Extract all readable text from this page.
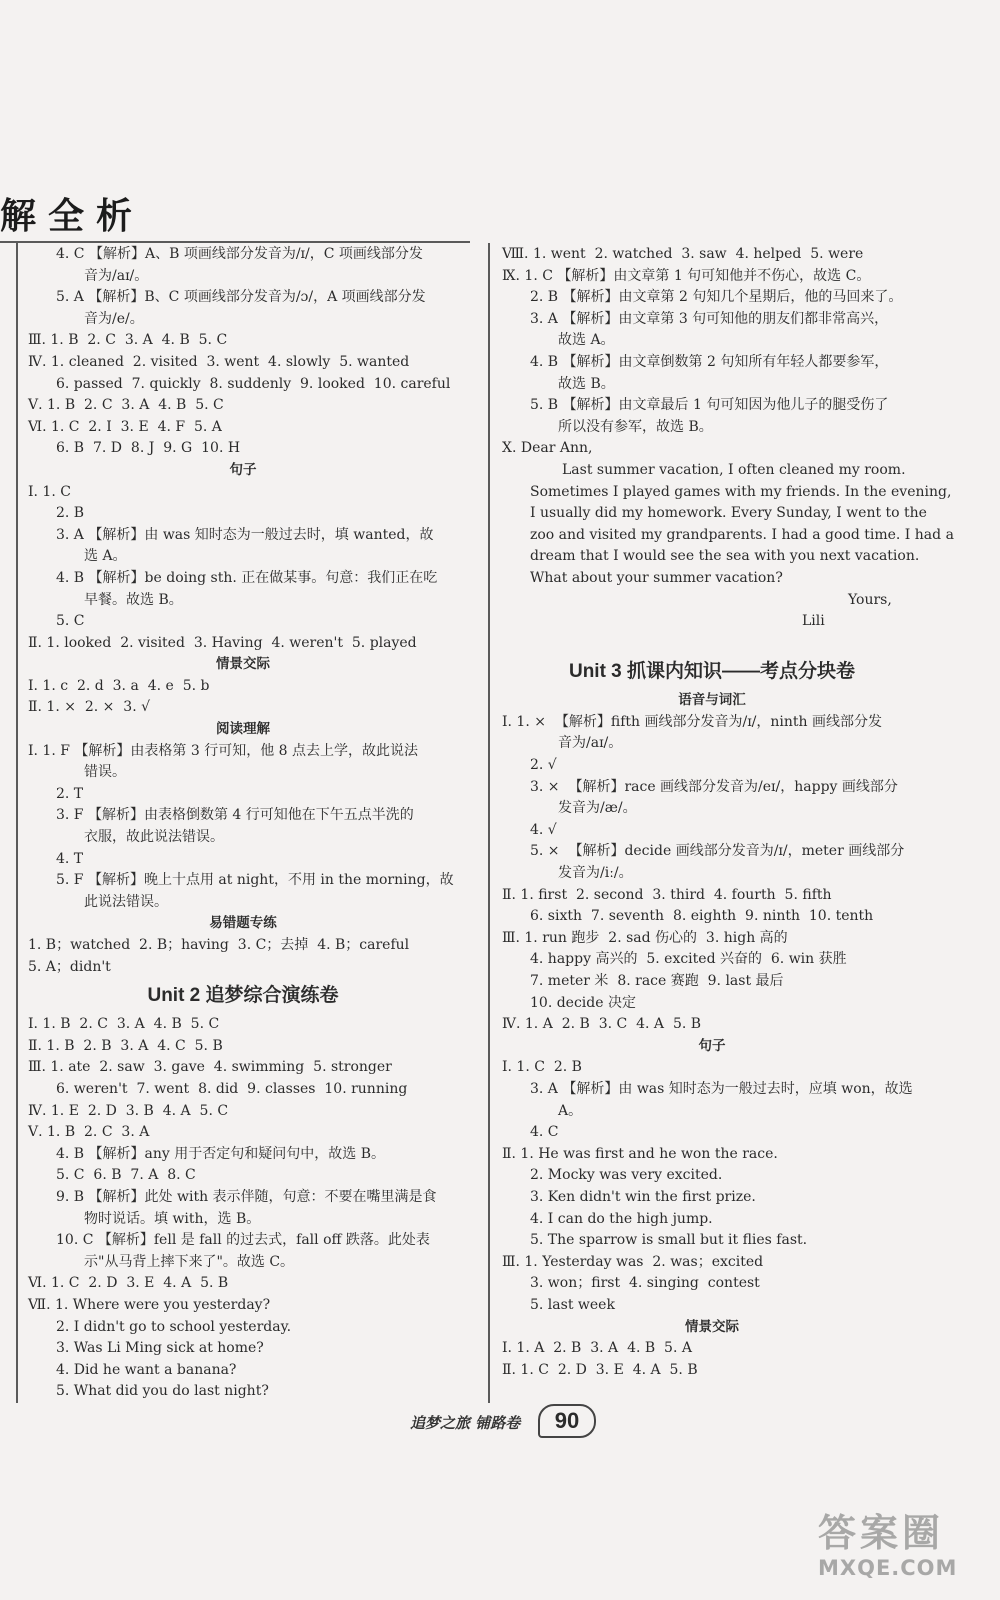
解全析
4. C 【解析】A、B 项画线部分发音为/ɪ/，C 项画线部分发
音为/aɪ/。
5. A 【解析】B、C 项画线部分发音为/ɔ/，A 项画线部分发
音为/e/。
Ⅲ. 1. B  2. C  3. A  4. B  5. C
Ⅳ. 1. cleaned  2. visited  3. went  4. slowly  5. wanted
6. passed  7. quickly  8. suddenly  9. looked  10. careful
Ⅴ. 1. B  2. C  3. A  4. B  5. C
Ⅵ. 1. C  2. I  3. E  4. F  5. A
6. B  7. D  8. J  9. G  10. H
句子
Ⅰ. 1. C
2. B
3. A 【解析】由 was 知时态为一般过去时，填 wanted，故
选 A。
4. B 【解析】be doing sth. 正在做某事。句意：我们正在吃
早餐。故选 B。
5. C
Ⅱ. 1. looked  2. visited  3. Having  4. weren't  5. played
情景交际
Ⅰ. 1. c  2. d  3. a  4. e  5. b
Ⅱ. 1. ×  2. ×  3. √
阅读理解
Ⅰ. 1. F 【解析】由表格第 3 行可知，他 8 点去上学，故此说法
错误。
2. T
3. F 【解析】由表格倒数第 4 行可知他在下午五点半洗的
衣服，故此说法错误。
4. T
5. F 【解析】晚上十点用 at night，不用 in the morning，故
此说法错误。
易错题专练
1. B；watched  2. B；having  3. C；去掉  4. B；careful
5. A；didn't
Unit 2 追梦综合演练卷
Ⅰ. 1. B  2. C  3. A  4. B  5. C
Ⅱ. 1. B  2. B  3. A  4. C  5. B
Ⅲ. 1. ate  2. saw  3. gave  4. swimming  5. stronger
6. weren't  7. went  8. did  9. classes  10. running
Ⅳ. 1. E  2. D  3. B  4. A  5. C
Ⅴ. 1. B  2. C  3. A
4. B 【解析】any 用于否定句和疑问句中，故选 B。
5. C  6. B  7. A  8. C
9. B 【解析】此处 with 表示伴随，句意：不要在嘴里满是食
物时说话。填 with，选 B。
10. C 【解析】fell 是 fall 的过去式，fall off 跌落。此处表
示"从马背上摔下来了"。故选 C。
Ⅵ. 1. C  2. D  3. E  4. A  5. B
Ⅶ. 1. Where were you yesterday?
2. I didn't go to school yesterday.
3. Was Li Ming sick at home?
4. Did he want a banana?
5. What did you do last night?
Ⅷ. 1. went  2. watched  3. saw  4. helped  5. were
Ⅸ. 1. C 【解析】由文章第 1 句可知他并不伤心，故选 C。
2. B 【解析】由文章第 2 句知几个星期后，他的马回来了。
3. A 【解析】由文章第 3 句可知他的朋友们都非常高兴，
故选 A。
4. B 【解析】由文章倒数第 2 句知所有年轻人都要参军，
故选 B。
5. B 【解析】由文章最后 1 句可知因为他儿子的腿受伤了
所以没有参军，故选 B。
Ⅹ. Dear Ann,
Last summer vacation, I often cleaned my room.
Sometimes I played games with my friends. In the evening,
I usually did my homework. Every Sunday, I went to the
zoo and visited my grandparents. I had a good time. I had a
dream that I would see the sea with you next vacation.
What about your summer vacation?
Yours,
Lili
Unit 3 抓课内知识——考点分块卷
语音与词汇
Ⅰ. 1. ×  【解析】fifth 画线部分发音为/ɪ/，ninth 画线部分发
音为/aɪ/。
2. √
3. ×  【解析】race 画线部分发音为/eɪ/，happy 画线部分
发音为/æ/。
4. √
5. ×  【解析】decide 画线部分发音为/ɪ/，meter 画线部分
发音为/iː/。
Ⅱ. 1. first  2. second  3. third  4. fourth  5. fifth
6. sixth  7. seventh  8. eighth  9. ninth  10. tenth
Ⅲ. 1. run 跑步  2. sad 伤心的  3. high 高的
4. happy 高兴的  5. excited 兴奋的  6. win 获胜
7. meter 米  8. race 赛跑  9. last 最后
10. decide 决定
Ⅳ. 1. A  2. B  3. C  4. A  5. B
句子
Ⅰ. 1. C  2. B
3. A 【解析】由 was 知时态为一般过去时，应填 won，故选
A。
4. C
Ⅱ. 1. He was first and he won the race.
2. Mocky was very excited.
3. Ken didn't win the first prize.
4. I can do the high jump.
5. The sparrow is small but it flies fast.
Ⅲ. 1. Yesterday was  2. was；excited
3. won；first  4. singing  contest
5. last week
情景交际
Ⅰ. 1. A  2. B  3. A  4. B  5. A
Ⅱ. 1. C  2. D  3. E  4. A  5. B
追梦之旅 铺路卷	90
答案圈
MXQE.COM
